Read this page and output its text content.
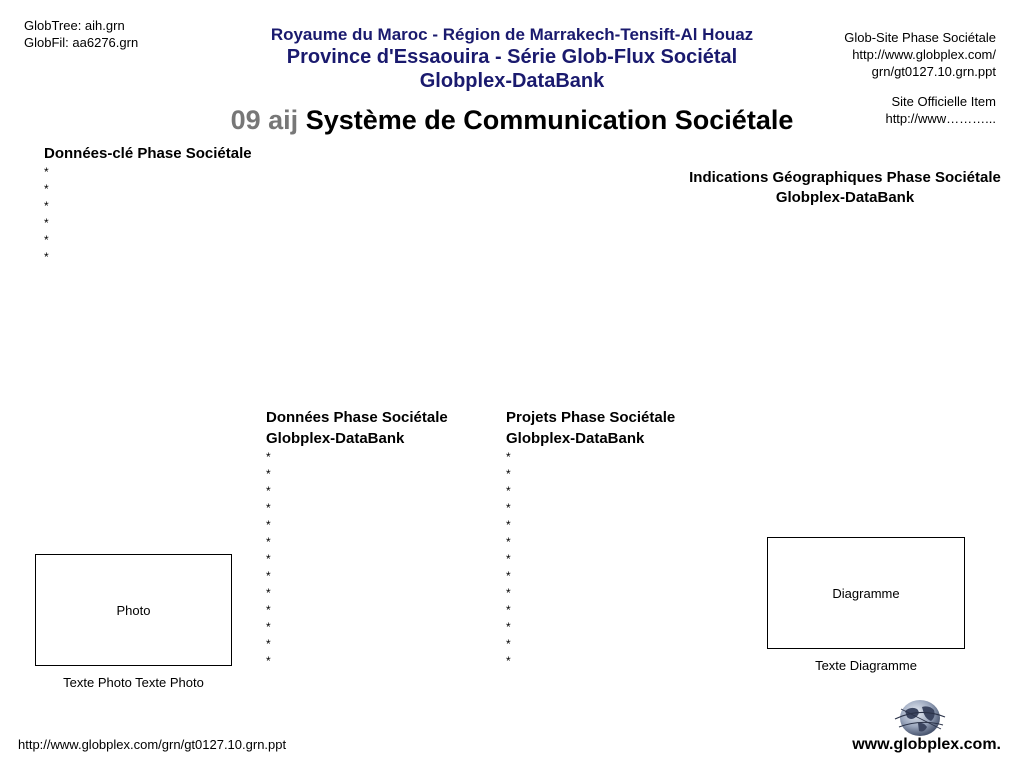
GlobTree: aih.grn
GlobFil: aa6276.grn	Royaume du Maroc - Région de Marrakech-Tensift-Al Houaz
Province d'Essaouira - Série Glob-Flux Sociétal
Globplex-DataBank
Glob-Site Phase Sociétale
http://www.globplex.com/
grn/gt0127.10.grn.ppt
Site Officielle Item
http://www………...
09 aij Système de Communication Sociétale
Données-clé Phase Sociétale
*
*
*
*
*
*
Indications Géographiques Phase Sociétale
Globplex-DataBank
Données Phase Sociétale
Globplex-DataBank
*
*
*
*
*
*
*
*
*
*
*
*
*
Projets Phase Sociétale
Globplex-DataBank
*
*
*
*
*
*
*
*
*
*
*
*
*
Photo
Texte Photo Texte Photo
Diagramme
Texte Diagramme
http://www.globplex.com/grn/gt0127.10.grn.ppt	www.globplex.com.
